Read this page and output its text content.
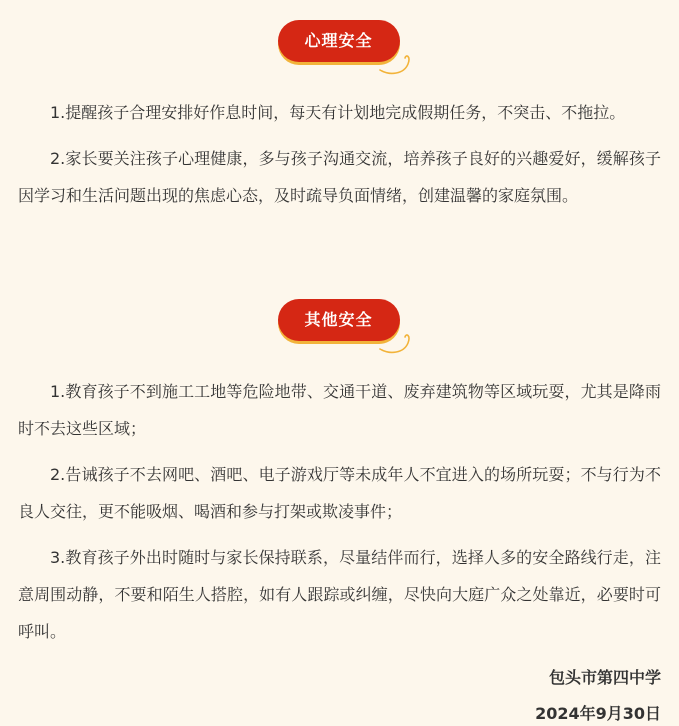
心理安全

1.提醒孩子合理安排好作息时间，每天有计划地完成假期任务，不突击、不拖拉。

2.家长要关注孩子心理健康，多与孩子沟通交流，培养孩子良好的兴趣爱好，缓解孩子因学习和生活问题出现的焦虑心态，及时疏导负面情绪，创建温馨的家庭氛围。

其他安全

1.教育孩子不到施工工地等危险地带、交通干道、废弃建筑物等区域玩耍，尤其是降雨时不去这些区域；

2.告诫孩子不去网吧、酒吧、电子游戏厅等未成年人不宜进入的场所玩耍；不与行为不良人交往，更不能吸烟、喝酒和参与打架或欺凌事件；

3.教育孩子外出时随时与家长保持联系，尽量结伴而行，选择人多的安全路线行走，注意周围动静，不要和陌生人搭腔，如有人跟踪或纠缠，尽快向大庭广众之处靠近，必要时可呼叫。

包头市第四中学
2024年9月30日
